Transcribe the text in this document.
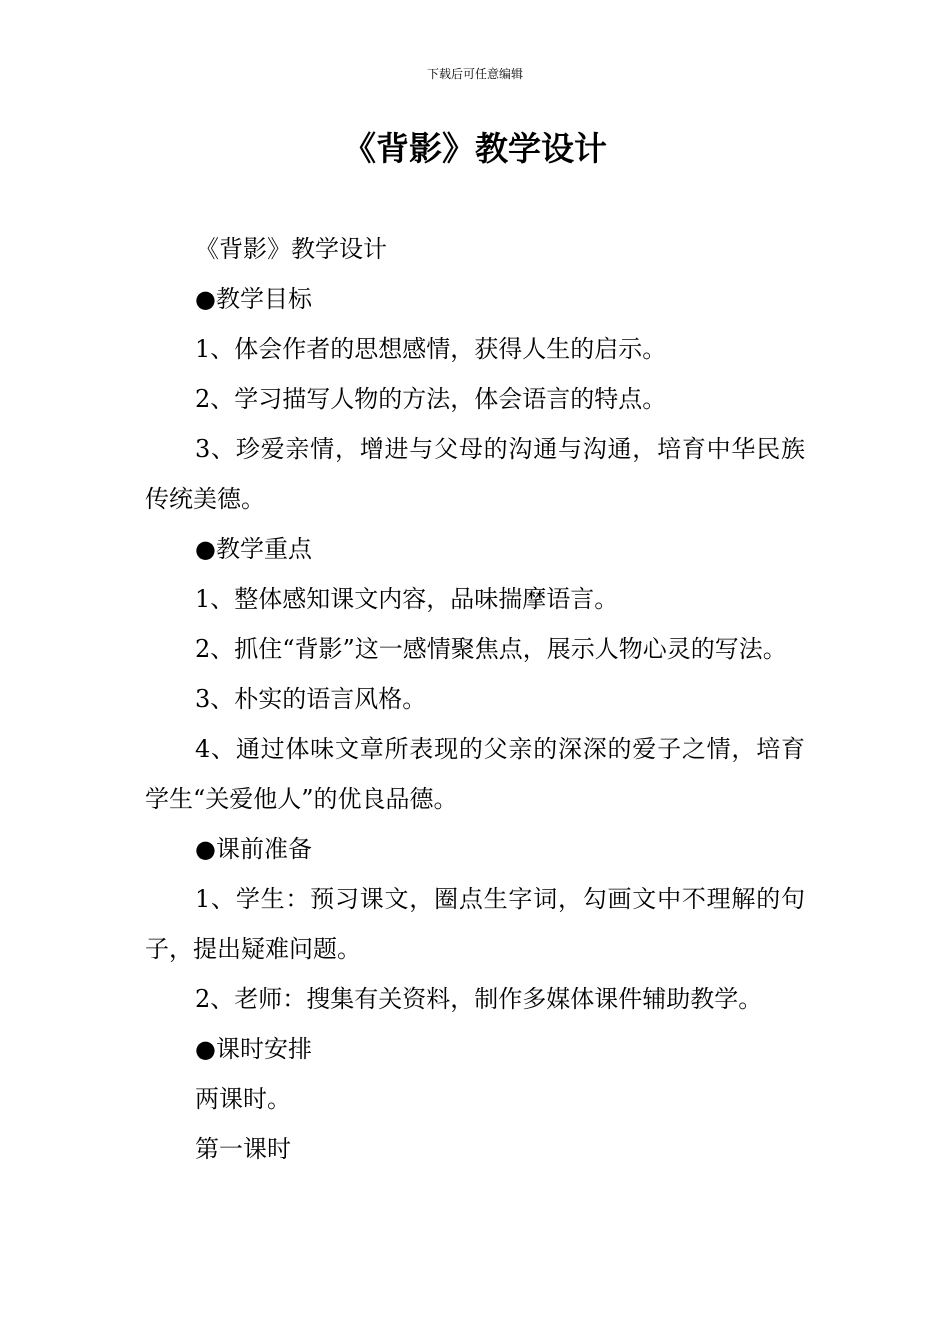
下载后可任意编辑
《背影》教学设计

《背影》教学设计

●教学目标

1、体会作者的思想感情，获得人生的启示。

2、学习描写人物的方法，体会语言的特点。

3、珍爱亲情，增进与父母的沟通与沟通，培育中华民族传统美德。

●教学重点

1、整体感知课文内容，品味揣摩语言。

2、抓住“背影”这一感情聚焦点，展示人物心灵的写法。

3、朴实的语言风格。

4、通过体味文章所表现的父亲的深深的爱子之情，培育学生“关爱他人”的优良品德。

●课前准备

1、学生：预习课文，圈点生字词，勾画文中不理解的句子，提出疑难问题。

2、老师：搜集有关资料，制作多媒体课件辅助教学。

●课时安排

两课时。

第一课时
